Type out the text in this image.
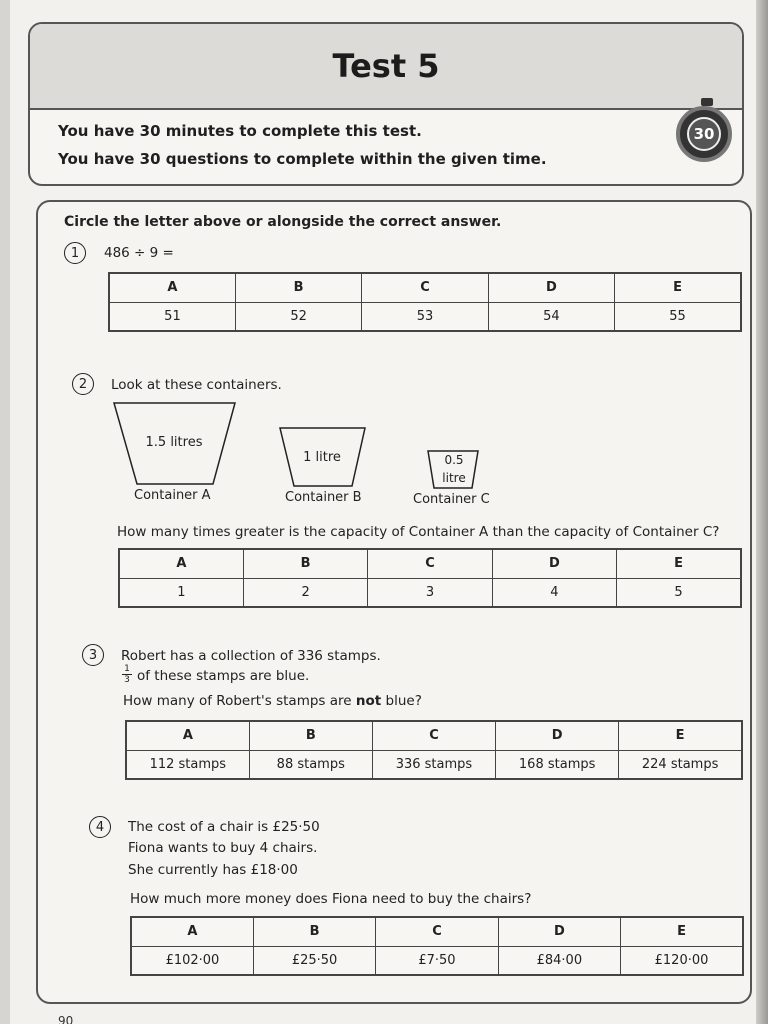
Test 5
You have 30 minutes to complete this test.
You have 30 questions to complete within the given time.
30
Circle the letter above or alongside the correct answer.
1	486 ÷ 9 =
A	B	C	D	E
51	52	53	54	55
2	Look at these containers.
1.5 litres
1 litre	0.5
litre
Container A	Container B	Container C
How many times greater is the capacity of Container A than the capacity of Container C?
A	B	C	D	E
1	2	3	4	5
3	Robert has a collection of 336 stamps.
$\frac{1}{3}$ of these stamps are blue.
How many of Robert's stamps are not blue?
A	B	C	D	E
112 stamps	88 stamps	336 stamps	168 stamps	224 stamps
4	The cost of a chair is £25·50
Fiona wants to buy 4 chairs.
She currently has £18·00
How much more money does Fiona need to buy the chairs?
A	B	C	D	E
£102·00	£25·50	£7·50	£84·00	£120·00
90
